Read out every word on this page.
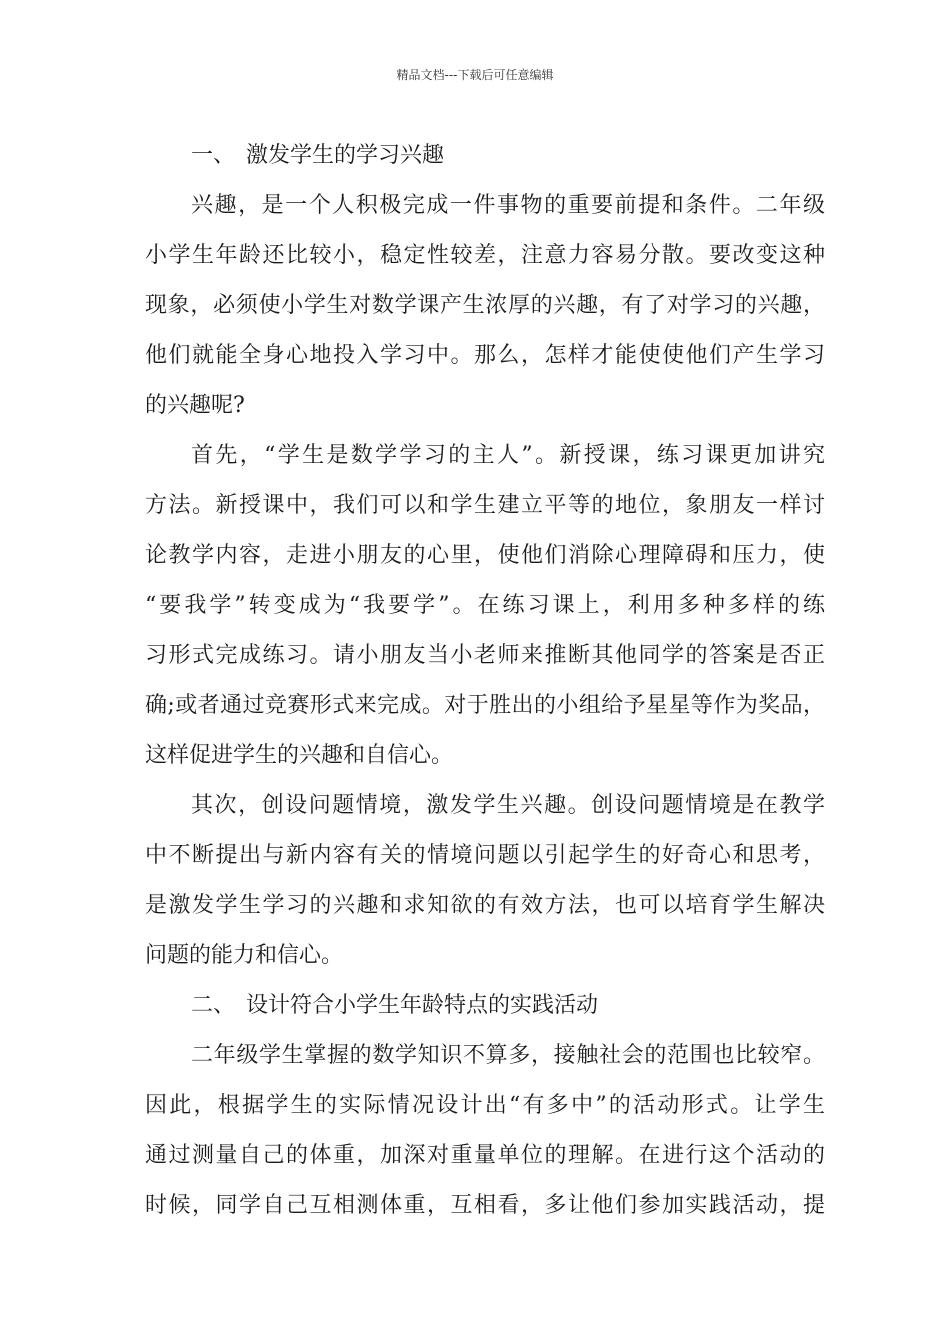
精品文档---下载后可任意编辑
一、 激发学生的学习兴趣
兴趣，是一个人积极完成一件事物的重要前提和条件。二年级
小学生年龄还比较小，稳定性较差，注意力容易分散。要改变这种
现象，必须使小学生对数学课产生浓厚的兴趣，有了对学习的兴趣，
他们就能全身心地投入学习中。那么，怎样才能使使他们产生学习
的兴趣呢?
首先，“学生是数学学习的主人”。新授课，练习课更加讲究
方法。新授课中，我们可以和学生建立平等的地位，象朋友一样讨
论教学内容，走进小朋友的心里，使他们消除心理障碍和压力，使
“要我学”转变成为“我要学”。在练习课上，利用多种多样的练
习形式完成练习。请小朋友当小老师来推断其他同学的答案是否正
确;或者通过竞赛形式来完成。对于胜出的小组给予星星等作为奖品，
这样促进学生的兴趣和自信心。
其次，创设问题情境，激发学生兴趣。创设问题情境是在教学
中不断提出与新内容有关的情境问题以引起学生的好奇心和思考，
是激发学生学习的兴趣和求知欲的有效方法，也可以培育学生解决
问题的能力和信心。
二、 设计符合小学生年龄特点的实践活动
二年级学生掌握的数学知识不算多，接触社会的范围也比较窄。
因此，根据学生的实际情况设计出“有多中”的活动形式。让学生
通过测量自己的体重，加深对重量单位的理解。在进行这个活动的
时候，同学自己互相测体重，互相看，多让他们参加实践活动，提
